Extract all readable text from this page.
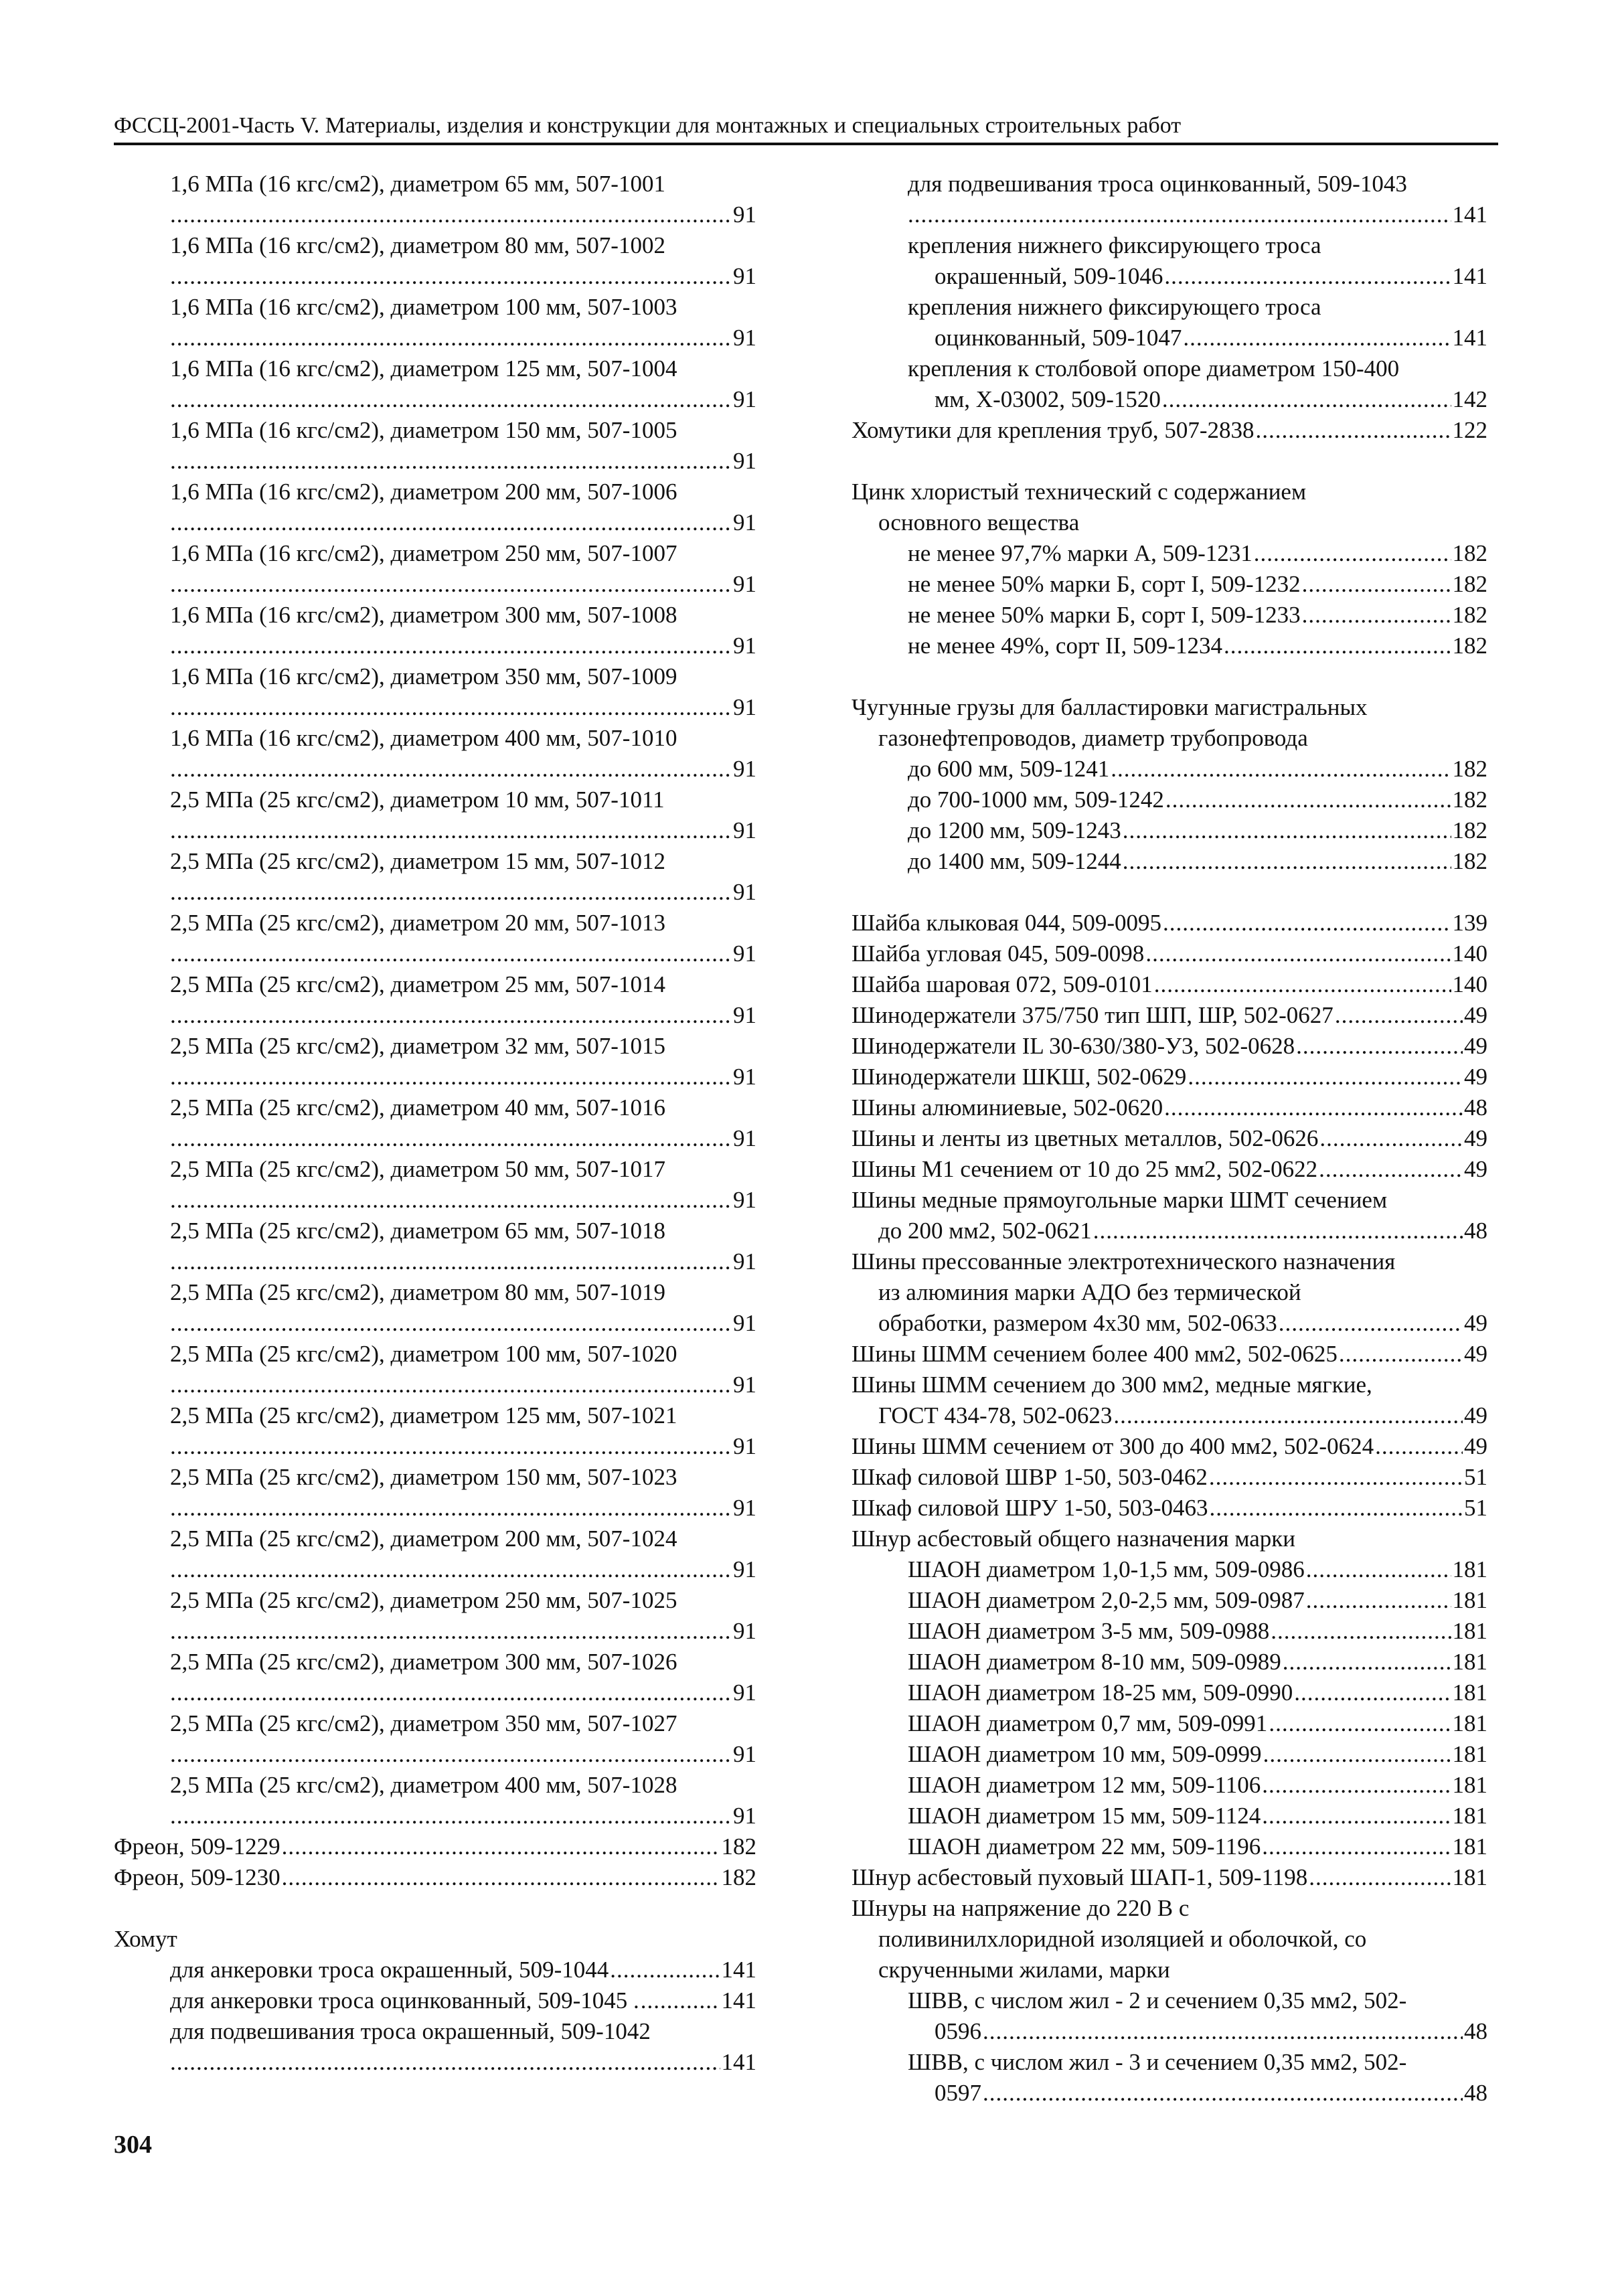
ФССЦ-2001-Часть V. Материалы, изделия и конструкции для монтажных и специальных строительных работ
1,6 МПа (16 кгс/см2), диаметром 65 мм, 507-1001
.....
91
1,6 МПа (16 кгс/см2), диаметром 80 мм, 507-1002
.....
91
1,6 МПа (16 кгс/см2), диаметром 100 мм, 507-1003
.....
91
1,6 МПа (16 кгс/см2), диаметром 125 мм, 507-1004
.....
91
1,6 МПа (16 кгс/см2), диаметром 150 мм, 507-1005
.....
91
1,6 МПа (16 кгс/см2), диаметром 200 мм, 507-1006
.....
91
1,6 МПа (16 кгс/см2), диаметром 250 мм, 507-1007
.....
91
1,6 МПа (16 кгс/см2), диаметром 300 мм, 507-1008
.....
91
1,6 МПа (16 кгс/см2), диаметром 350 мм, 507-1009
.....
91
1,6 МПа (16 кгс/см2), диаметром 400 мм, 507-1010
.....
91
2,5 МПа (25 кгс/см2), диаметром 10 мм, 507-1011
.....
91
2,5 МПа (25 кгс/см2), диаметром 15 мм, 507-1012
.....
91
2,5 МПа (25 кгс/см2), диаметром 20 мм, 507-1013
.....
91
2,5 МПа (25 кгс/см2), диаметром 25 мм, 507-1014
.....
91
2,5 МПа (25 кгс/см2), диаметром 32 мм, 507-1015
.....
91
2,5 МПа (25 кгс/см2), диаметром 40 мм, 507-1016
.....
91
2,5 МПа (25 кгс/см2), диаметром 50 мм, 507-1017
.....
91
2,5 МПа (25 кгс/см2), диаметром 65 мм, 507-1018
.....
91
2,5 МПа (25 кгс/см2), диаметром 80 мм, 507-1019
.....
91
2,5 МПа (25 кгс/см2), диаметром 100 мм, 507-1020
.....
91
2,5 МПа (25 кгс/см2), диаметром 125 мм, 507-1021
.....
91
2,5 МПа (25 кгс/см2), диаметром 150 мм, 507-1023
.....
91
2,5 МПа (25 кгс/см2), диаметром 200 мм, 507-1024
.....
91
2,5 МПа (25 кгс/см2), диаметром 250 мм, 507-1025
.....
91
2,5 МПа (25 кгс/см2), диаметром 300 мм, 507-1026
.....
91
2,5 МПа (25 кгс/см2), диаметром 350 мм, 507-1027
.....
91
2,5 МПа (25 кгс/см2), диаметром 400 мм, 507-1028
.....
91
Фреон, 509-1229 .....	182
Фреон, 509-1230 .....	182
Хомут
для анкеровки троса окрашенный, 509-1044 .....	141
для анкеровки троса оцинкованный, 509-1045 . .....	141
для подвешивания троса окрашенный, 509-1042
.....
141
для подвешивания троса оцинкованный, 509-1043
.....
141
крепления нижнего фиксирующего троса
окрашенный, 509-1046 .....	141
крепления нижнего фиксирующего троса
оцинкованный, 509-1047 .....	141
крепления к столбовой опоре диаметром 150-400
мм, X-03002, 509-1520 .....	142
Хомутики для крепления труб, 507-2838 .....	122
Цинк хлористый технический с содержанием
основного вещества
не менее 97,7% марки А, 509-1231 .....	182
не менее 50% марки Б, сорт I, 509-1232 .....	182
не менее 50% марки Б, сорт I, 509-1233 .....	182
не менее 49%, сорт II, 509-1234 .....	182
Чугунные грузы для балластировки магистральных
газонефтепроводов, диаметр трубопровода
до 600 мм, 509-1241 .....	182
до 700-1000 мм, 509-1242 .....	182
до 1200 мм, 509-1243 .....	182
до 1400 мм, 509-1244 .....	182
Шайба клыковая 044, 509-0095 .....	139
Шайба угловая 045, 509-0098 .....	140
Шайба шаровая 072, 509-0101 .....	140
Шинодержатели 375/750 тип ШП, ШР, 502-0627 .....	49
Шинодержатели IL 30-630/380-У3, 502-0628 .....	49
Шинодержатели ШКШ, 502-0629 .....	49
Шины алюминиевые, 502-0620 .....	48
Шины и ленты из цветных металлов, 502-0626 .....	49
Шины М1 сечением от 10 до 25 мм2, 502-0622 .....	49
Шины медные прямоугольные марки ШМТ сечением
до 200 мм2, 502-0621 .....	48
Шины прессованные электротехнического назначения
из алюминия марки АДО без термической
обработки, размером 4х30 мм, 502-0633 .....	49
Шины ШММ сечением более 400 мм2, 502-0625 .....	49
Шины ШММ сечением до 300 мм2, медные мягкие,
ГОСТ 434-78, 502-0623 .....	49
Шины ШММ сечением от 300 до 400 мм2, 502-0624 .....	49
Шкаф силовой ШВР 1-50, 503-0462 .....	51
Шкаф силовой ШРУ 1-50, 503-0463 .....	51
Шнур асбестовый общего назначения марки
ШАОН диаметром 1,0-1,5 мм, 509-0986 .....	181
ШАОН диаметром 2,0-2,5 мм, 509-0987 .....	181
ШАОН диаметром 3-5 мм, 509-0988 .....	181
ШАОН диаметром 8-10 мм, 509-0989 .....	181
ШАОН диаметром 18-25 мм, 509-0990 .....	181
ШАОН диаметром 0,7 мм, 509-0991 .....	181
ШАОН диаметром 10 мм, 509-0999 .....	181
ШАОН диаметром 12 мм, 509-1106 .....	181
ШАОН диаметром 15 мм, 509-1124 .....	181
ШАОН диаметром 22 мм, 509-1196 .....	181
Шнур асбестовый пуховый ШАП-1, 509-1198 .....	181
Шнуры на напряжение до 220 В с
поливинилхлоридной изоляцией и оболочкой, со
скрученными жилами, марки
ШВВ, с числом жил - 2 и сечением 0,35 мм2, 502-
0596 .....	48
ШВВ, с числом жил - 3 и сечением 0,35 мм2, 502-
0597 .....	48
304
